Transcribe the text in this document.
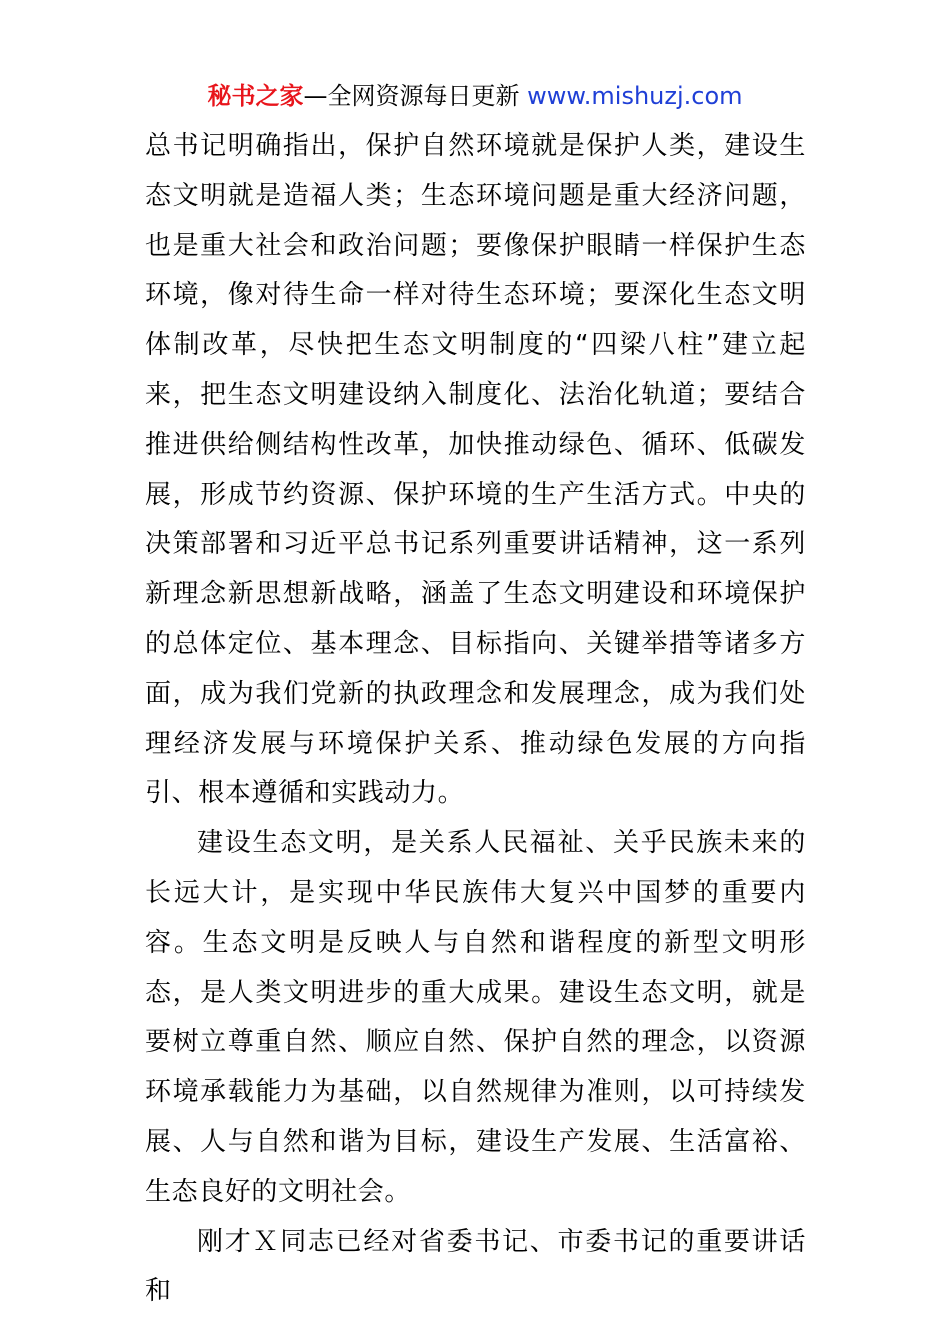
秘书之家—全网资源每日更新 www.mishuzj.com

总书记明确指出，保护自然环境就是保护人类，建设生态文明就是造福人类；生态环境问题是重大经济问题，也是重大社会和政治问题；要像保护眼睛一样保护生态环境，像对待生命一样对待生态环境；要深化生态文明体制改革，尽快把生态文明制度的“四梁八柱”建立起来，把生态文明建设纳入制度化、法治化轨道；要结合推进供给侧结构性改革，加快推动绿色、循环、低碳发展，形成节约资源、保护环境的生产生活方式。中央的决策部署和习近平总书记系列重要讲话精神，这一系列新理念新思想新战略，涵盖了生态文明建设和环境保护的总体定位、基本理念、目标指向、关键举措等诸多方面，成为我们党新的执政理念和发展理念，成为我们处理经济发展与环境保护关系、推动绿色发展的方向指引、根本遵循和实践动力。

建设生态文明，是关系人民福祉、关乎民族未来的长远大计，是实现中华民族伟大复兴中国梦的重要内容。生态文明是反映人与自然和谐程度的新型文明形态，是人类文明进步的重大成果。建设生态文明，就是要树立尊重自然、顺应自然、保护自然的理念，以资源环境承载能力为基础，以自然规律为准则，以可持续发展、人与自然和谐为目标，建设生产发展、生活富裕、生态良好的文明社会。

刚才Ｘ同志已经对省委书记、市委书记的重要讲话和
